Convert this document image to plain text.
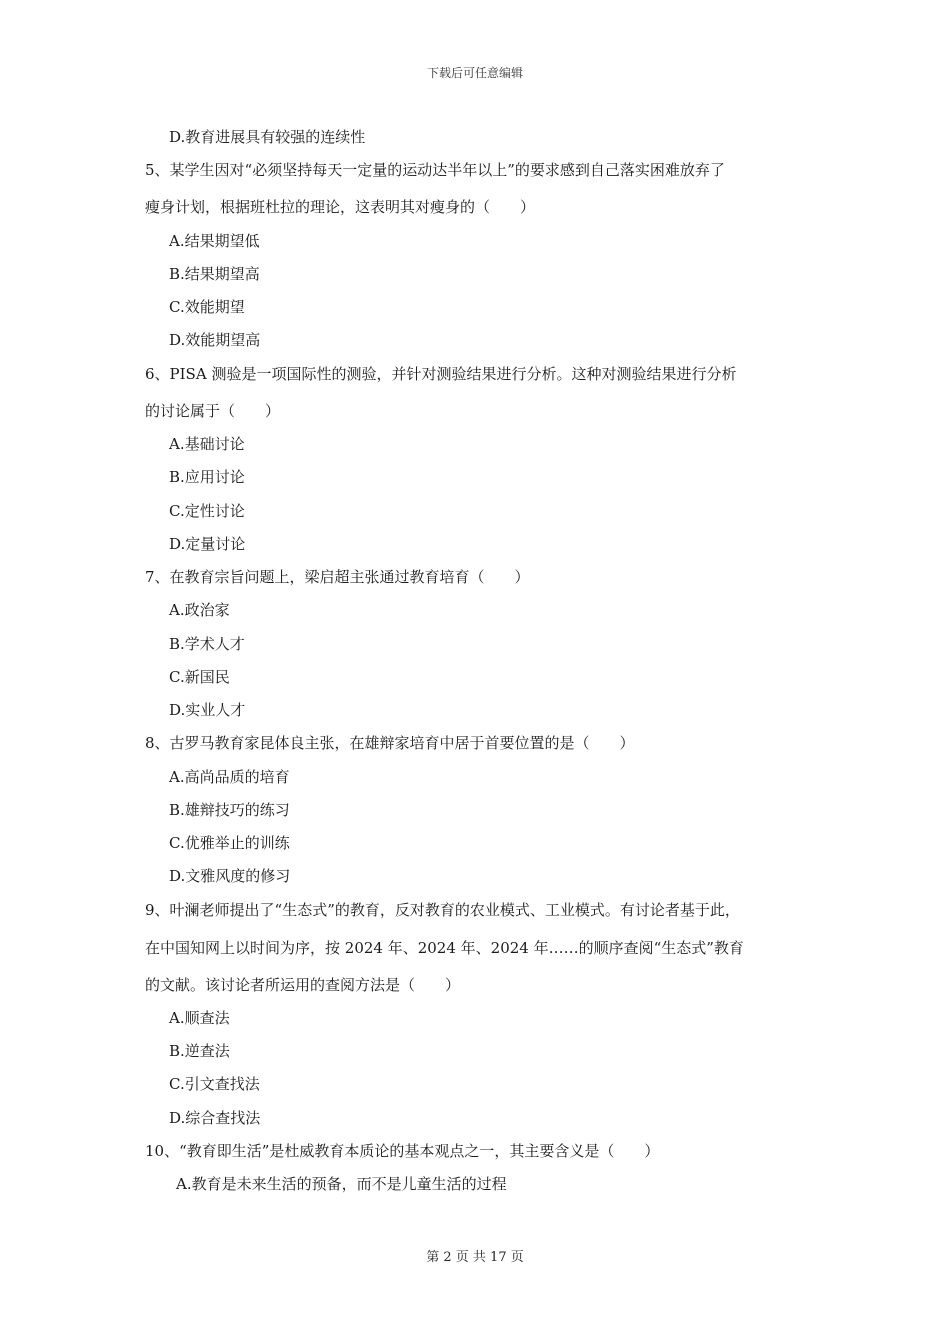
下载后可任意编辑
D.教育进展具有较强的连续性
5、某学生因对“必须坚持每天一定量的运动达半年以上”的要求感到自己落实困难放弃了
瘦身计划，根据班杜拉的理论，这表明其对瘦身的（　　）
A.结果期望低
B.结果期望高
C.效能期望
D.效能期望高
6、PISA 测验是一项国际性的测验，并针对测验结果进行分析。这种对测验结果进行分析
的讨论属于（　　）
A.基础讨论
B.应用讨论
C.定性讨论
D.定量讨论
7、在教育宗旨问题上，梁启超主张通过教育培育（　　）
A.政治家
B.学术人才
C.新国民
D.实业人才
8、古罗马教育家昆体良主张，在雄辩家培育中居于首要位置的是（　　）
A.高尚品质的培育
B.雄辩技巧的练习
C.优雅举止的训练
D.文雅风度的修习
9、叶澜老师提出了“生态式”的教育，反对教育的农业模式、工业模式。有讨论者基于此，
在中国知网上以时间为序，按 2024 年、2024 年、2024 年……的顺序查阅“生态式”教育
的文献。该讨论者所运用的查阅方法是（　　）
A.顺查法
B.逆查法
C.引文查找法
D.综合查找法
10、“教育即生活”是杜威教育本质论的基本观点之一，其主要含义是（　　）
A.教育是未来生活的预备，而不是儿童生活的过程
第 2 页 共 17 页
